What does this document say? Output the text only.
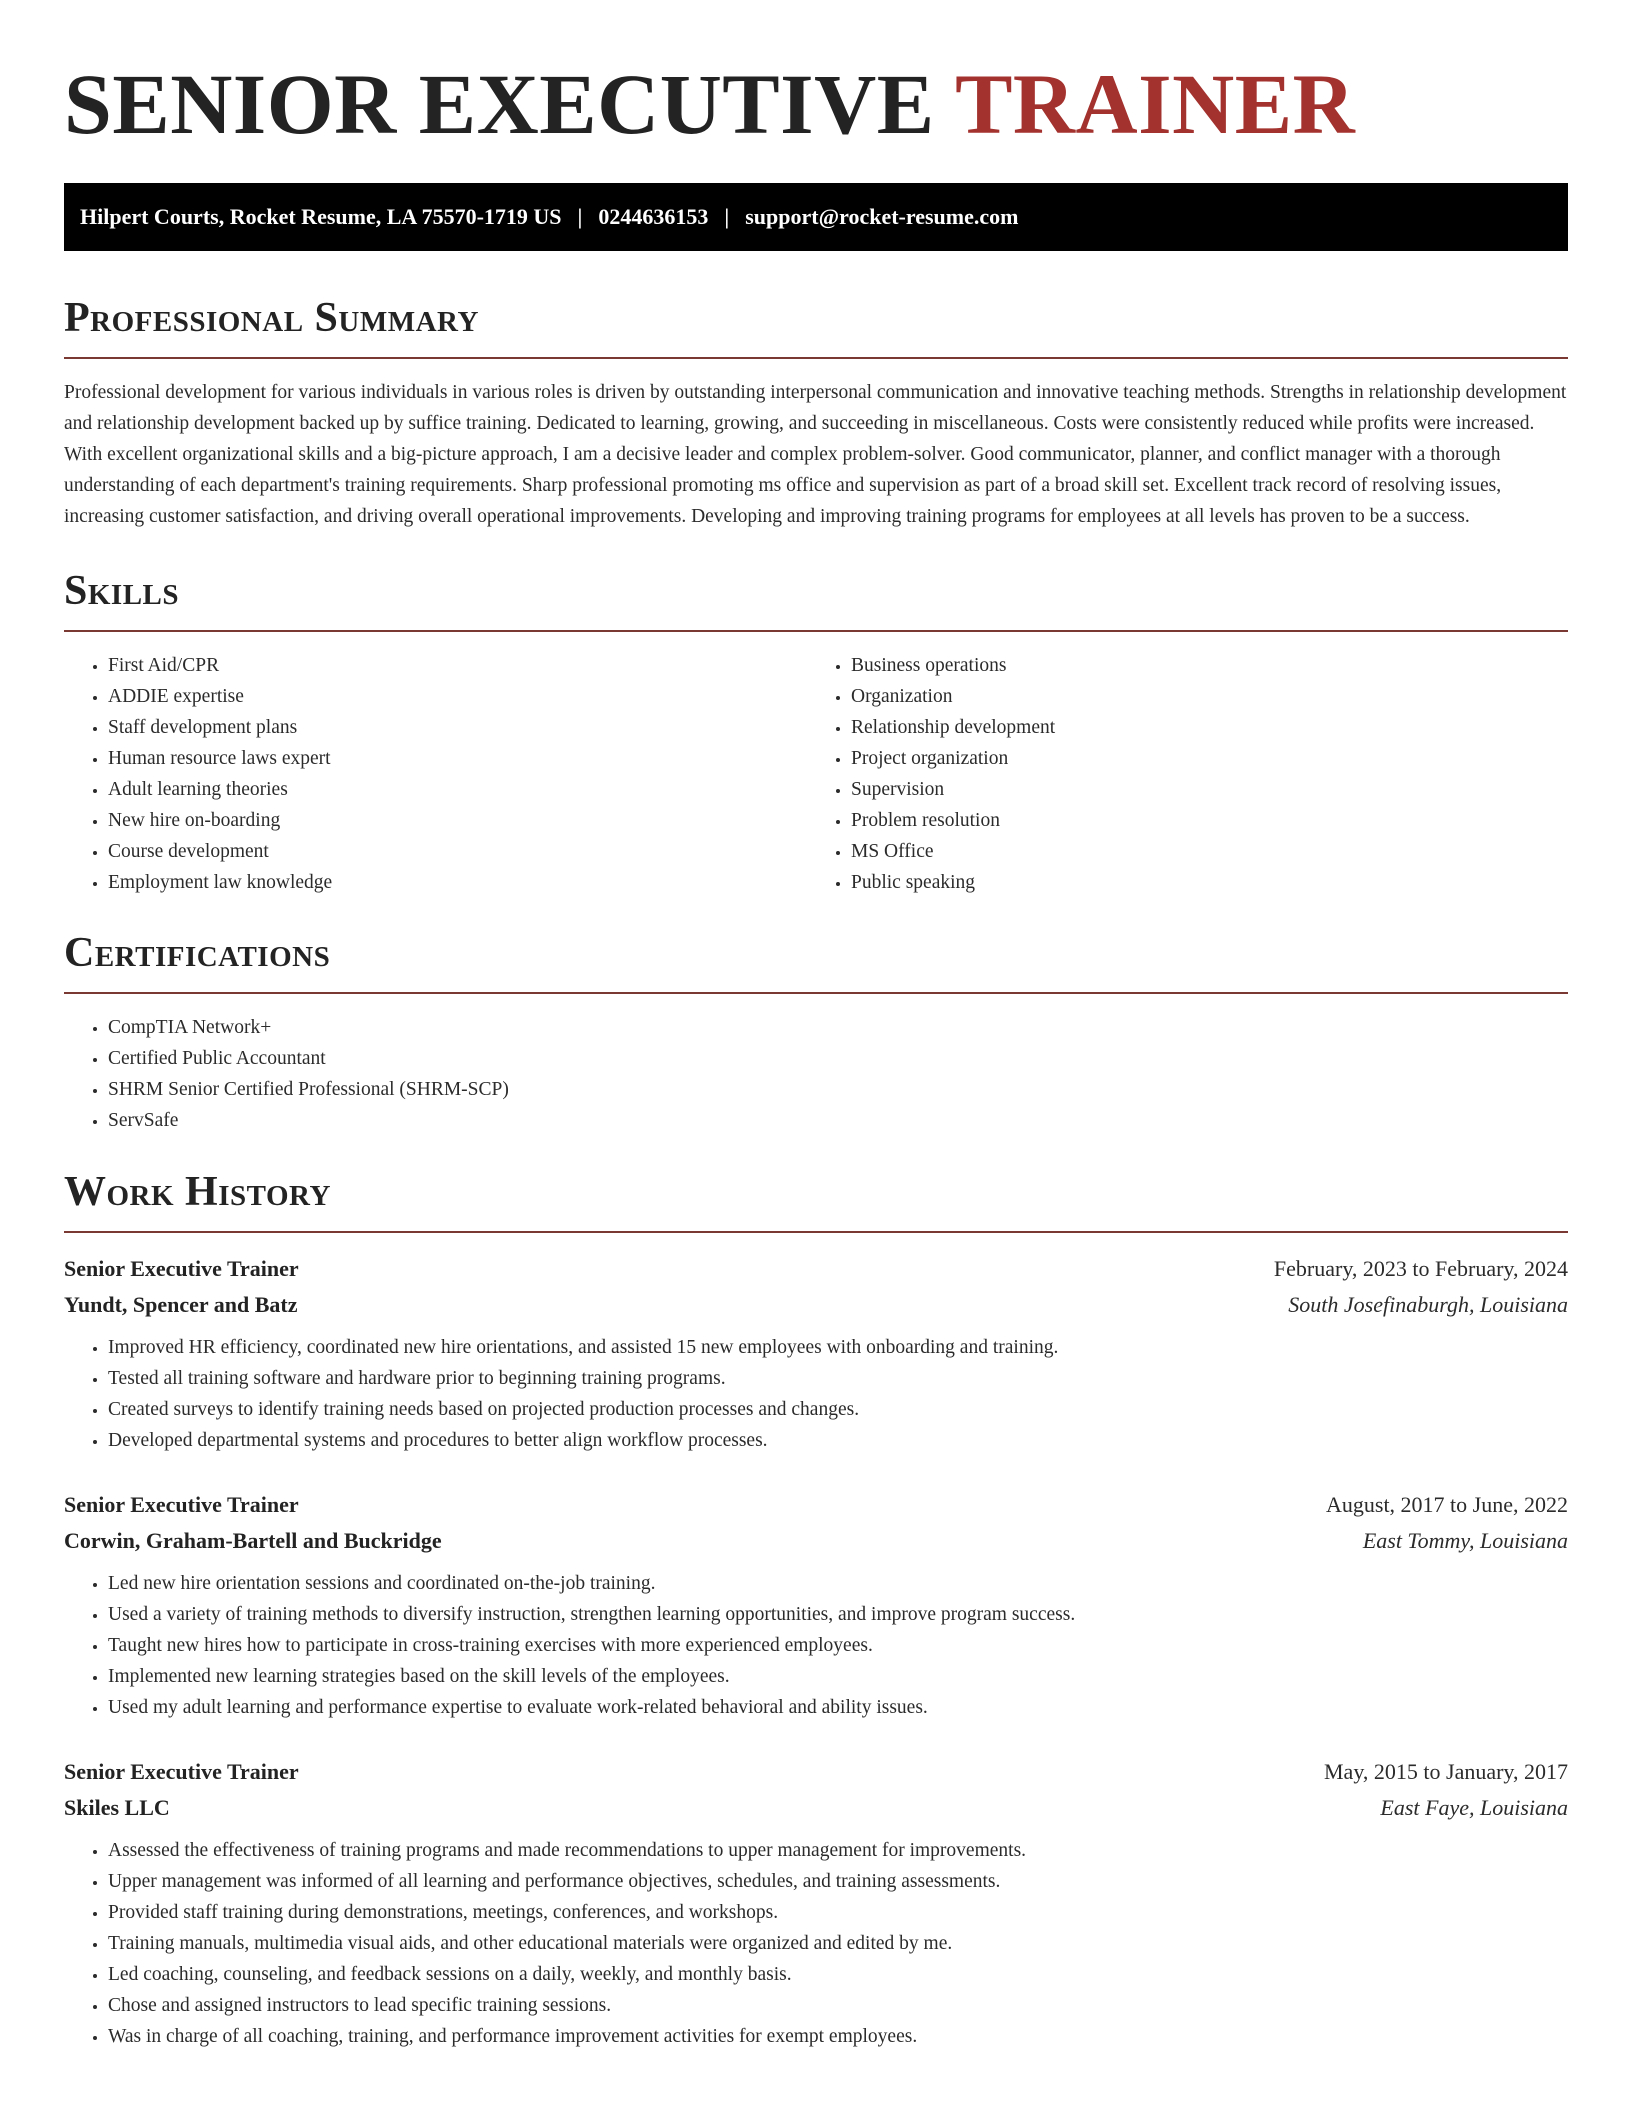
SENIOR EXECUTIVE TRAINER
Hilpert Courts, Rocket Resume, LA 75570-1719 US | 0244636153 | support@rocket-resume.com
Professional Summary

Professional development for various individuals in various roles is driven by outstanding interpersonal communication and innovative teaching methods. Strengths in relationship development and relationship development backed up by suffice training. Dedicated to learning, growing, and succeeding in miscellaneous. Costs were consistently reduced while profits were increased. With excellent organizational skills and a big-picture approach, I am a decisive leader and complex problem-solver. Good communicator, planner, and conflict manager with a thorough understanding of each department's training requirements. Sharp professional promoting ms office and supervision as part of a broad skill set. Excellent track record of resolving issues, increasing customer satisfaction, and driving overall operational improvements. Developing and improving training programs for employees at all levels has proven to be a success.

Skills
• First Aid/CPR
• ADDIE expertise
• Staff development plans
• Human resource laws expert
• Adult learning theories
• New hire on-boarding
• Course development
• Employment law knowledge
• Business operations
• Organization
• Relationship development
• Project organization
• Supervision
• Problem resolution
• MS Office
• Public speaking
Certifications
• CompTIA Network+
• Certified Public Accountant
• SHRM Senior Certified Professional (SHRM-SCP)
• ServSafe
Work History
Senior Executive Trainer	February, 2023 to February, 2024
Yundt, Spencer and Batz	South Josefinaburgh, Louisiana
• Improved HR efficiency, coordinated new hire orientations, and assisted 15 new employees with onboarding and training.
• Tested all training software and hardware prior to beginning training programs.
• Created surveys to identify training needs based on projected production processes and changes.
• Developed departmental systems and procedures to better align workflow processes.
Senior Executive Trainer	August, 2017 to June, 2022
Corwin, Graham-Bartell and Buckridge	East Tommy, Louisiana
• Led new hire orientation sessions and coordinated on-the-job training.
• Used a variety of training methods to diversify instruction, strengthen learning opportunities, and improve program success.
• Taught new hires how to participate in cross-training exercises with more experienced employees.
• Implemented new learning strategies based on the skill levels of the employees.
• Used my adult learning and performance expertise to evaluate work-related behavioral and ability issues.
Senior Executive Trainer	May, 2015 to January, 2017
Skiles LLC	East Faye, Louisiana
• Assessed the effectiveness of training programs and made recommendations to upper management for improvements.
• Upper management was informed of all learning and performance objectives, schedules, and training assessments.
• Provided staff training during demonstrations, meetings, conferences, and workshops.
• Training manuals, multimedia visual aids, and other educational materials were organized and edited by me.
• Led coaching, counseling, and feedback sessions on a daily, weekly, and monthly basis.
• Chose and assigned instructors to lead specific training sessions.
• Was in charge of all coaching, training, and performance improvement activities for exempt employees.
